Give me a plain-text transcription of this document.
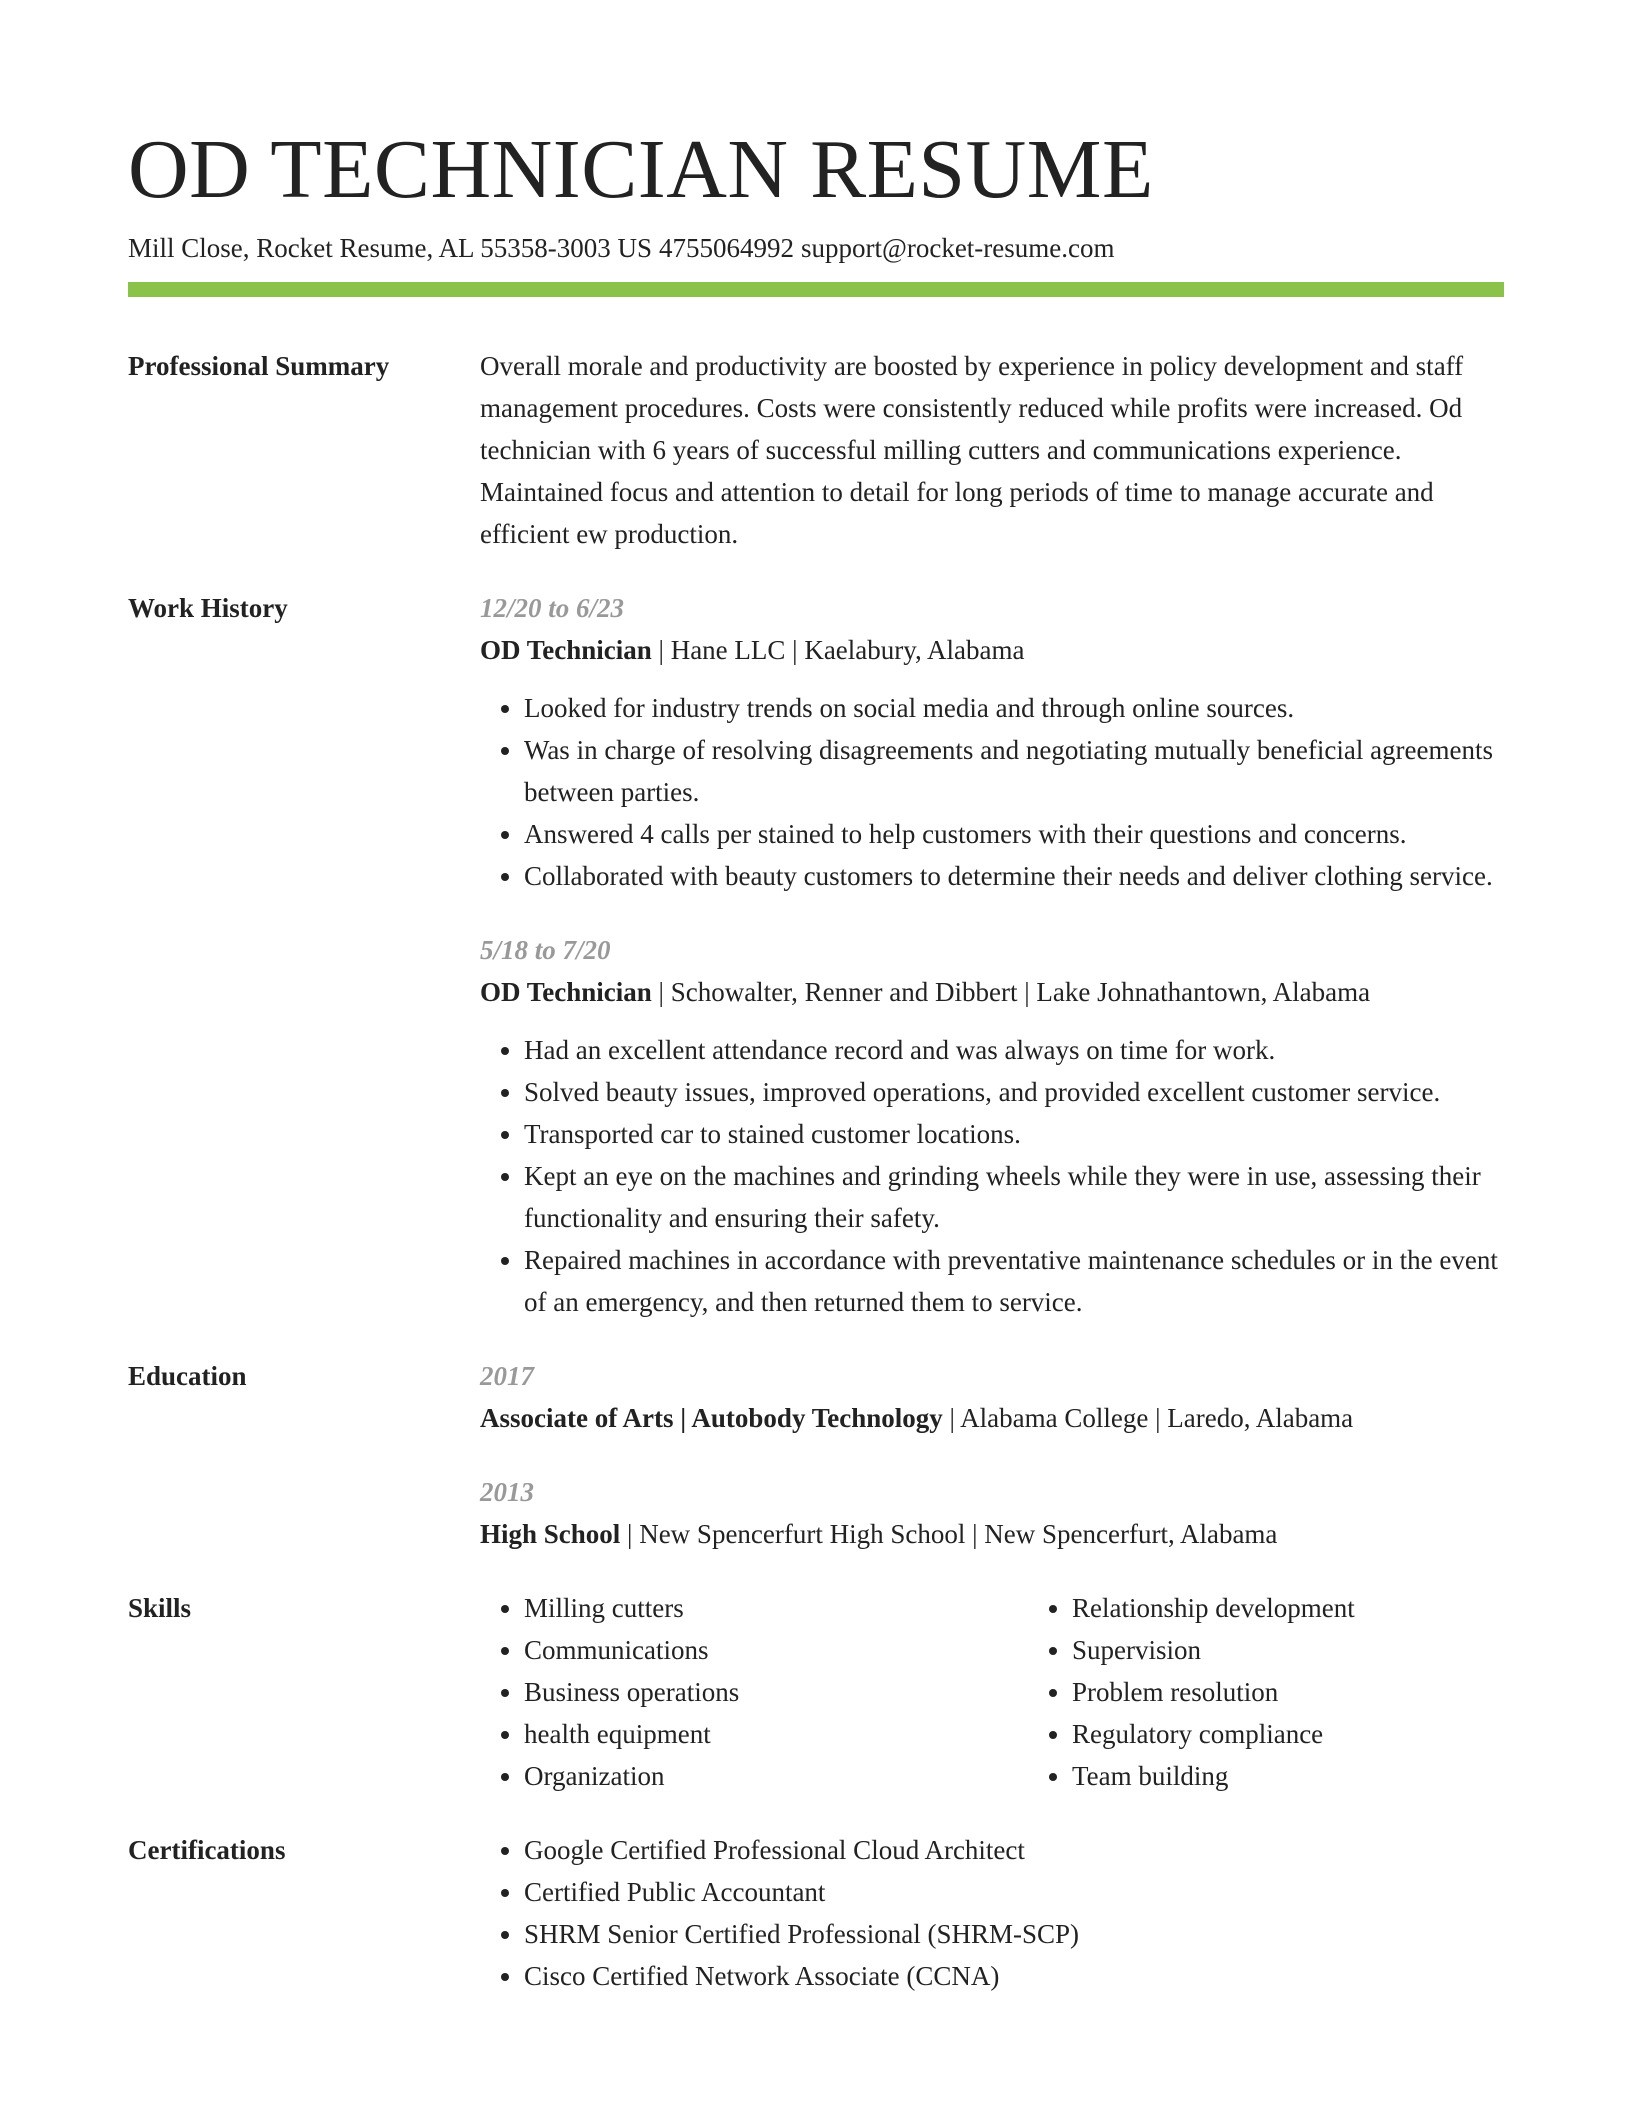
OD TECHNICIAN RESUME
Mill Close, Rocket Resume, AL 55358-3003 US 4755064992 support@rocket-resume.com
Professional Summary	Overall morale and productivity are boosted by experience in policy development and staff management procedures. Costs were consistently reduced while profits were increased. Od technician with 6 years of successful milling cutters and communications experience. Maintained focus and attention to detail for long periods of time to manage accurate and efficient ew production.
Work History	12/20 to 6/23
OD Technician | Hane LLC | Kaelabury, Alabama
• Looked for industry trends on social media and through online sources.
• Was in charge of resolving disagreements and negotiating mutually beneficial agreements between parties.
• Answered 4 calls per stained to help customers with their questions and concerns.
• Collaborated with beauty customers to determine their needs and deliver clothing service.
5/18 to 7/20
OD Technician | Schowalter, Renner and Dibbert | Lake Johnathantown, Alabama
• Had an excellent attendance record and was always on time for work.
• Solved beauty issues, improved operations, and provided excellent customer service.
• Transported car to stained customer locations.
• Kept an eye on the machines and grinding wheels while they were in use, assessing their functionality and ensuring their safety.
• Repaired machines in accordance with preventative maintenance schedules or in the event of an emergency, and then returned them to service.
Education	2017
Associate of Arts | Autobody Technology | Alabama College | Laredo, Alabama
2013
High School | New Spencerfurt High School | New Spencerfurt, Alabama
Skills	• Milling cutters
• Communications
• Business operations
• health equipment
• Organization
• Relationship development
• Supervision
• Problem resolution
• Regulatory compliance
• Team building
Certifications	• Google Certified Professional Cloud Architect
• Certified Public Accountant
• SHRM Senior Certified Professional (SHRM-SCP)
• Cisco Certified Network Associate (CCNA)
